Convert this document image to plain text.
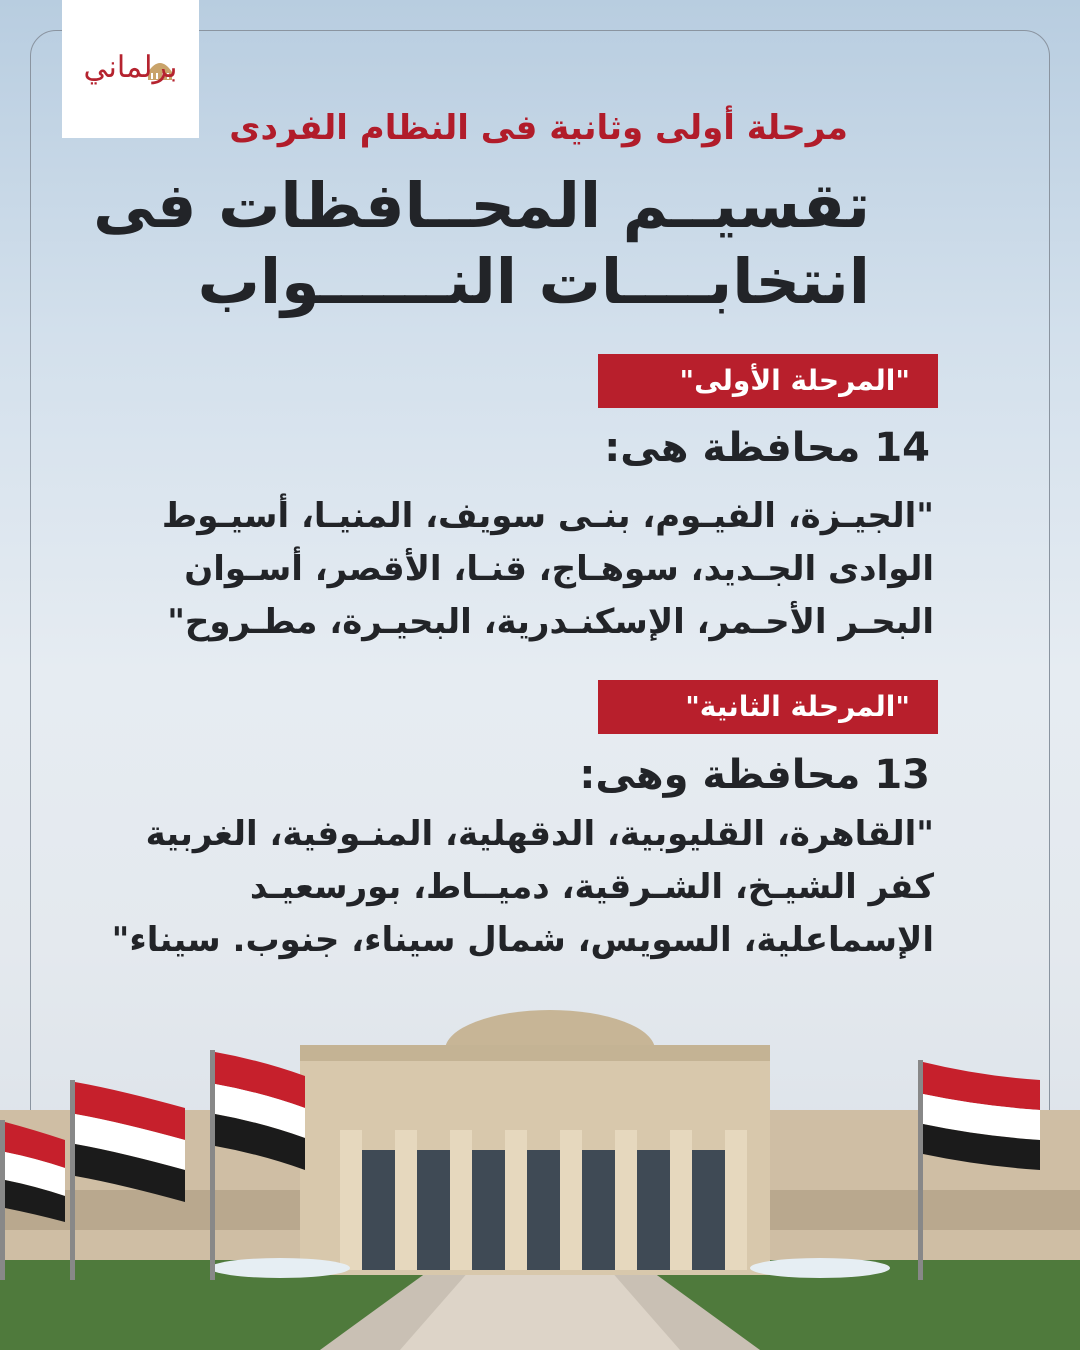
برلماني
مرحلة أولى وثانية فى النظام الفردى
تقسيــم المحــافظات فى
انتخابــــات النــــــواب
"المرحلة الأولى"
14 محافظة هى:
"الجيـزة، الفيـوم، بنـى سويف، المنيـا، أسيـوط
الوادى الجـديد، سوهـاج، قنـا، الأقصر، أسـوان
البحـر الأحـمر، الإسكنـدرية، البحيـرة، مطـروح"
"المرحلة الثانية"
13 محافظة وهى:
"القاهرة، القليوبية، الدقهلية، المنـوفية، الغربية
كفر الشيـخ، الشـرقية، دميــاط، بورسعيـد
الإسماعلية، السويس، شمال سيناء، جنوب. سيناء"
